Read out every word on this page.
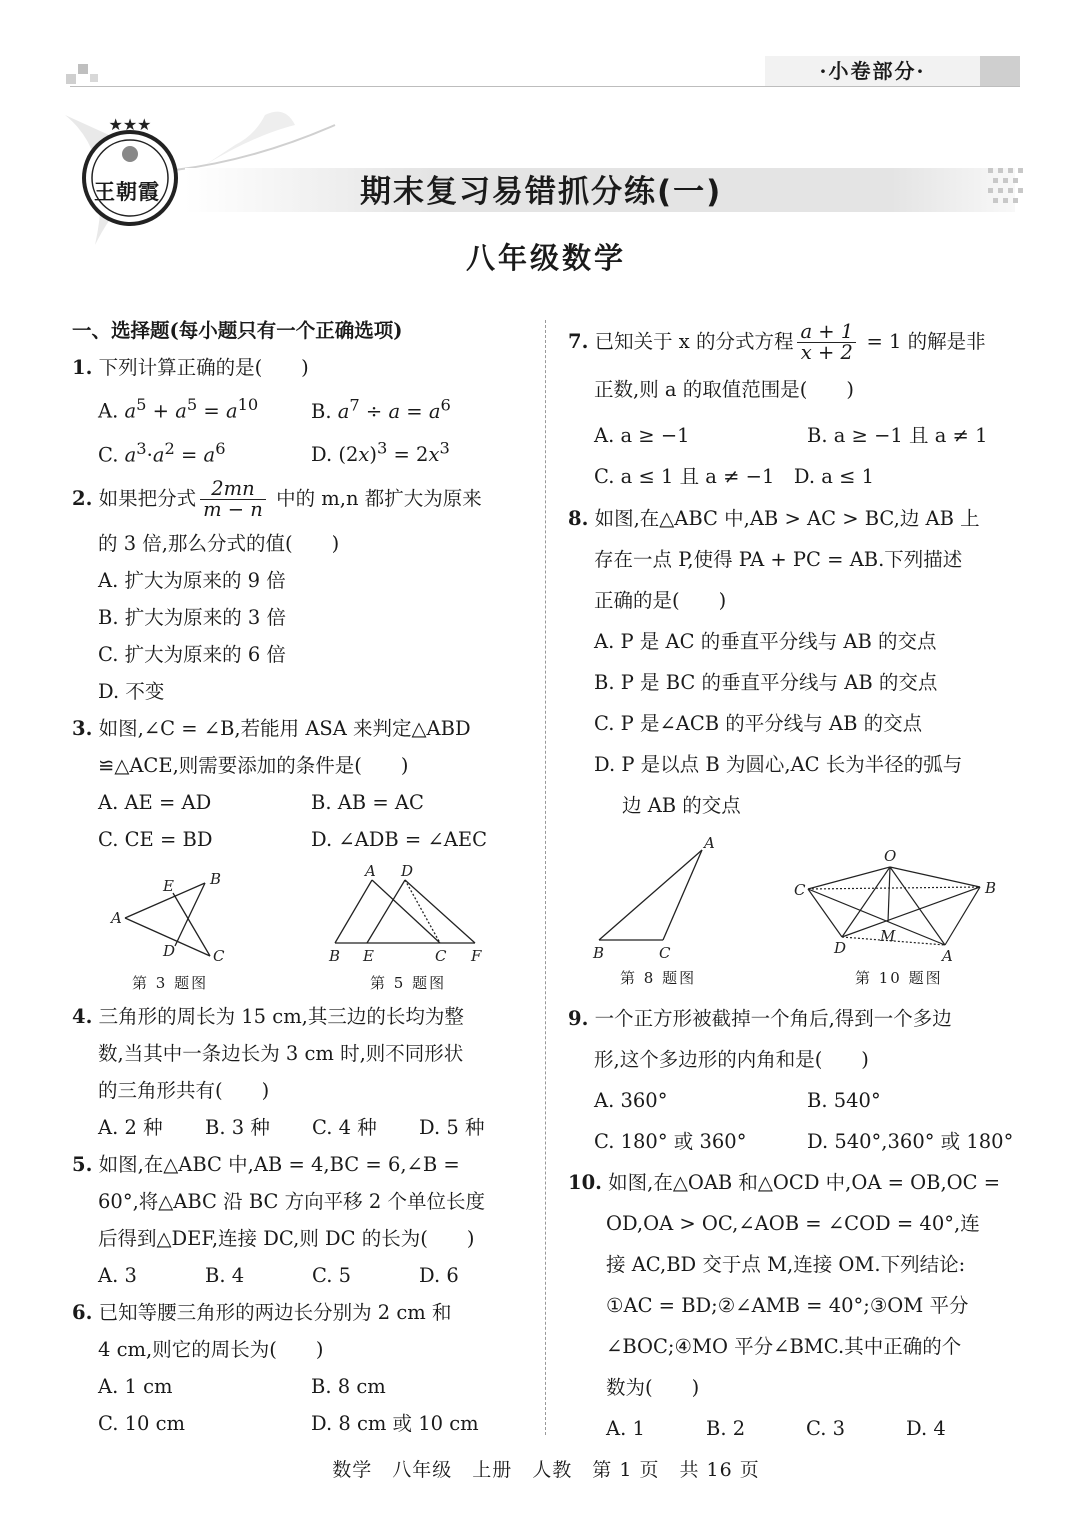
·小卷部分·
★★★
王朝霞	期末复习易错抓分练(一)
八年级数学

一、选择题(每小题只有一个正确选项)

1. 下列计算正确的是(　　)

A. $a^5 + a^5 = a^{10}$	B. $a^7 \div a = a^6$

C. $a^3\cdot a^2 = a^6$	D. $(2x)^3 = 2x^3$

2. 如果把分式 $\frac{2mn}{m - n}$ 中的 m,n 都扩大为原来

的 3 倍,那么分式的值(　　)

A. 扩大为原来的 9 倍

B. 扩大为原来的 3 倍

C. 扩大为原来的 6 倍

D. 不变

3. 如图,∠C = ∠B,若能用 ASA 来判定△ABD

≌△ACE,则需要添加的条件是(　　)

A. AE = AD	B. AB = AC

C. CE = BD	D. ∠ADB = ∠AEC

A
B
C
D
E
第 3 题图
A D
B E	C F
第 5 题图

4. 三角形的周长为 15 cm,其三边的长均为整

数,当其中一条边长为 3 cm 时,则不同形状

的三角形共有(　　)

A. 2 种 B. 3 种 C. 4 种 D. 5 种

5. 如图,在△ABC 中,AB = 4,BC = 6,∠B =

60°,将△ABC 沿 BC 方向平移 2 个单位长度

后得到△DEF,连接 DC,则 DC 的长为(　　)

A. 3	B. 4	C. 5	D. 6

6. 已知等腰三角形的两边长分别为 2 cm 和

4 cm,则它的周长为(　　)

A. 1 cm	B. 8 cm

C. 10 cm	D. 8 cm 或 10 cm

7. 已知关于 x 的分式方程 $\frac{a + 1}{x + 2} = 1$ 的解是非

正数,则 a 的取值范围是(　　)

A. a ≥ −1	B. a ≥ −1 且 a ≠ 1

C. a ≤ 1 且 a ≠ −1　 D. a ≤ 1

8. 如图,在△ABC 中,AB > AC > BC,边 AB 上

存在一点 P,使得 PA + PC = AB.下列描述

正确的是(　　)

A. P 是 AC 的垂直平分线与 AB 的交点

B. P 是 BC 的垂直平分线与 AB 的交点

C. P 是∠ACB 的平分线与 AB 的交点

D. P 是以点 B 为圆心,AC 长为半径的弧与

边 AB 的交点

A
B	C
第 8 题图
O
C	B
D
M
A
第 10 题图

9. 一个正方形被截掉一个角后,得到一个多边

形,这个多边形的内角和是(　　)

A. 360°	B. 540°

C. 180° 或 360°	D. 540°,360° 或 180°

10. 如图,在△OAB 和△OCD 中,OA = OB,OC =

OD,OA > OC,∠AOB = ∠COD = 40°,连

接 AC,BD 交于点 M,连接 OM.下列结论:

①AC = BD;②∠AMB = 40°;③OM 平分

∠BOC;④MO 平分∠BMC.其中正确的个

数为(　　)

A. 1	B. 2	C. 3	D. 4

数学　八年级　上册　人教　第 1 页　共 16 页
